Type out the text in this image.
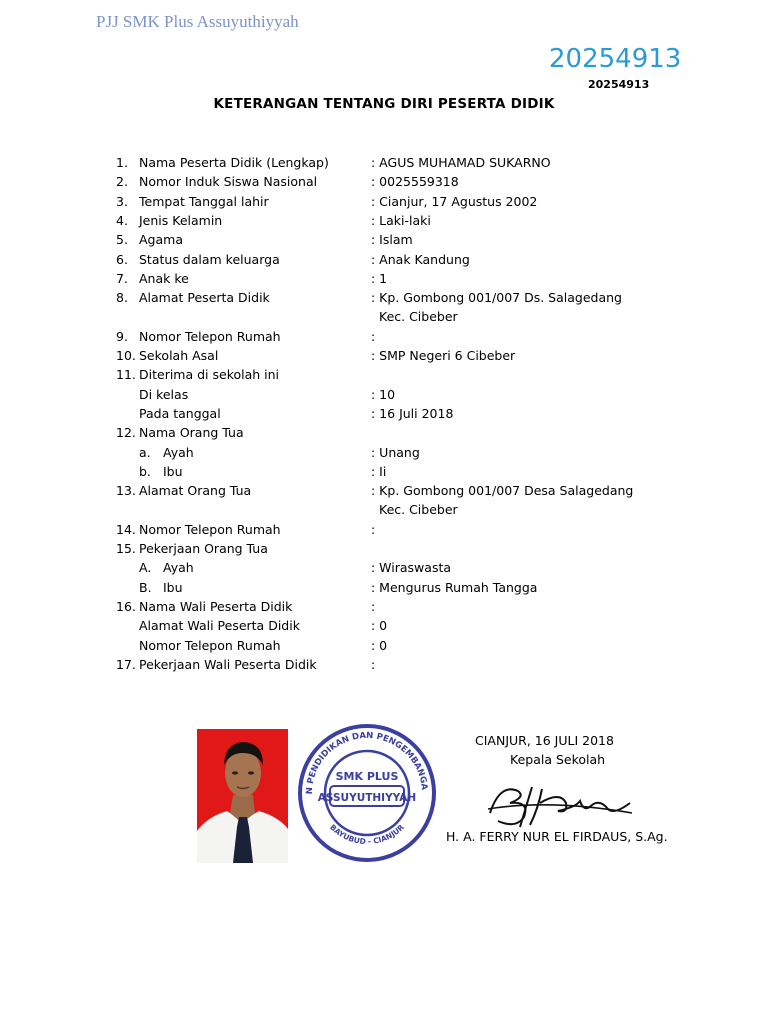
PJJ SMK Plus Assuyuthiyyah
20254913
20254913
KETERANGAN TENTANG DIRI PESERTA DIDIK
1. Nama Peserta Didik (Lengkap)	: AGUS MUHAMAD SUKARNO
2. Nomor Induk Siswa Nasional	: 0025559318
3. Tempat Tanggal lahir	: Cianjur, 17 Agustus 2002
4. Jenis Kelamin	: Laki-laki
5. Agama	: Islam
6. Status dalam keluarga	: Anak Kandung
7. Anak ke	: 1
8. Alamat Peserta Didik	: Kp. Gombong 001/007 Ds. Salagedang
Kec. Cibeber
9. Nomor Telepon Rumah	:
10. Sekolah Asal	: SMP Negeri 6 Cibeber
11. Diterima di sekolah ini
Di kelas	: 10
Pada tanggal	: 16 Juli 2018
12. Nama Orang Tua
a. Ayah	: Unang
b. Ibu	: Ii
13. Alamat Orang Tua	: Kp. Gombong 001/007 Desa Salagedang
Kec. Cibeber
14. Nomor Telepon Rumah	:
15. Pekerjaan Orang Tua
A. Ayah	: Wiraswasta
B. Ibu	: Mengurus Rumah Tangga
16. Nama Wali Peserta Didik	:
Alamat Wali Peserta Didik	: 0
Nomor Telepon Rumah	: 0
17. Pekerjaan Wali Peserta Didik	:
N PENDIDIKAN DAN PENGEMBANGA
BAYUBUD - CIANJUR
SMK PLUS
ASSUYUTHIYYAH
CIANJUR, 16 JULI 2018
Kepala Sekolah
H. A. FERRY NUR EL FIRDAUS, S.Ag.
